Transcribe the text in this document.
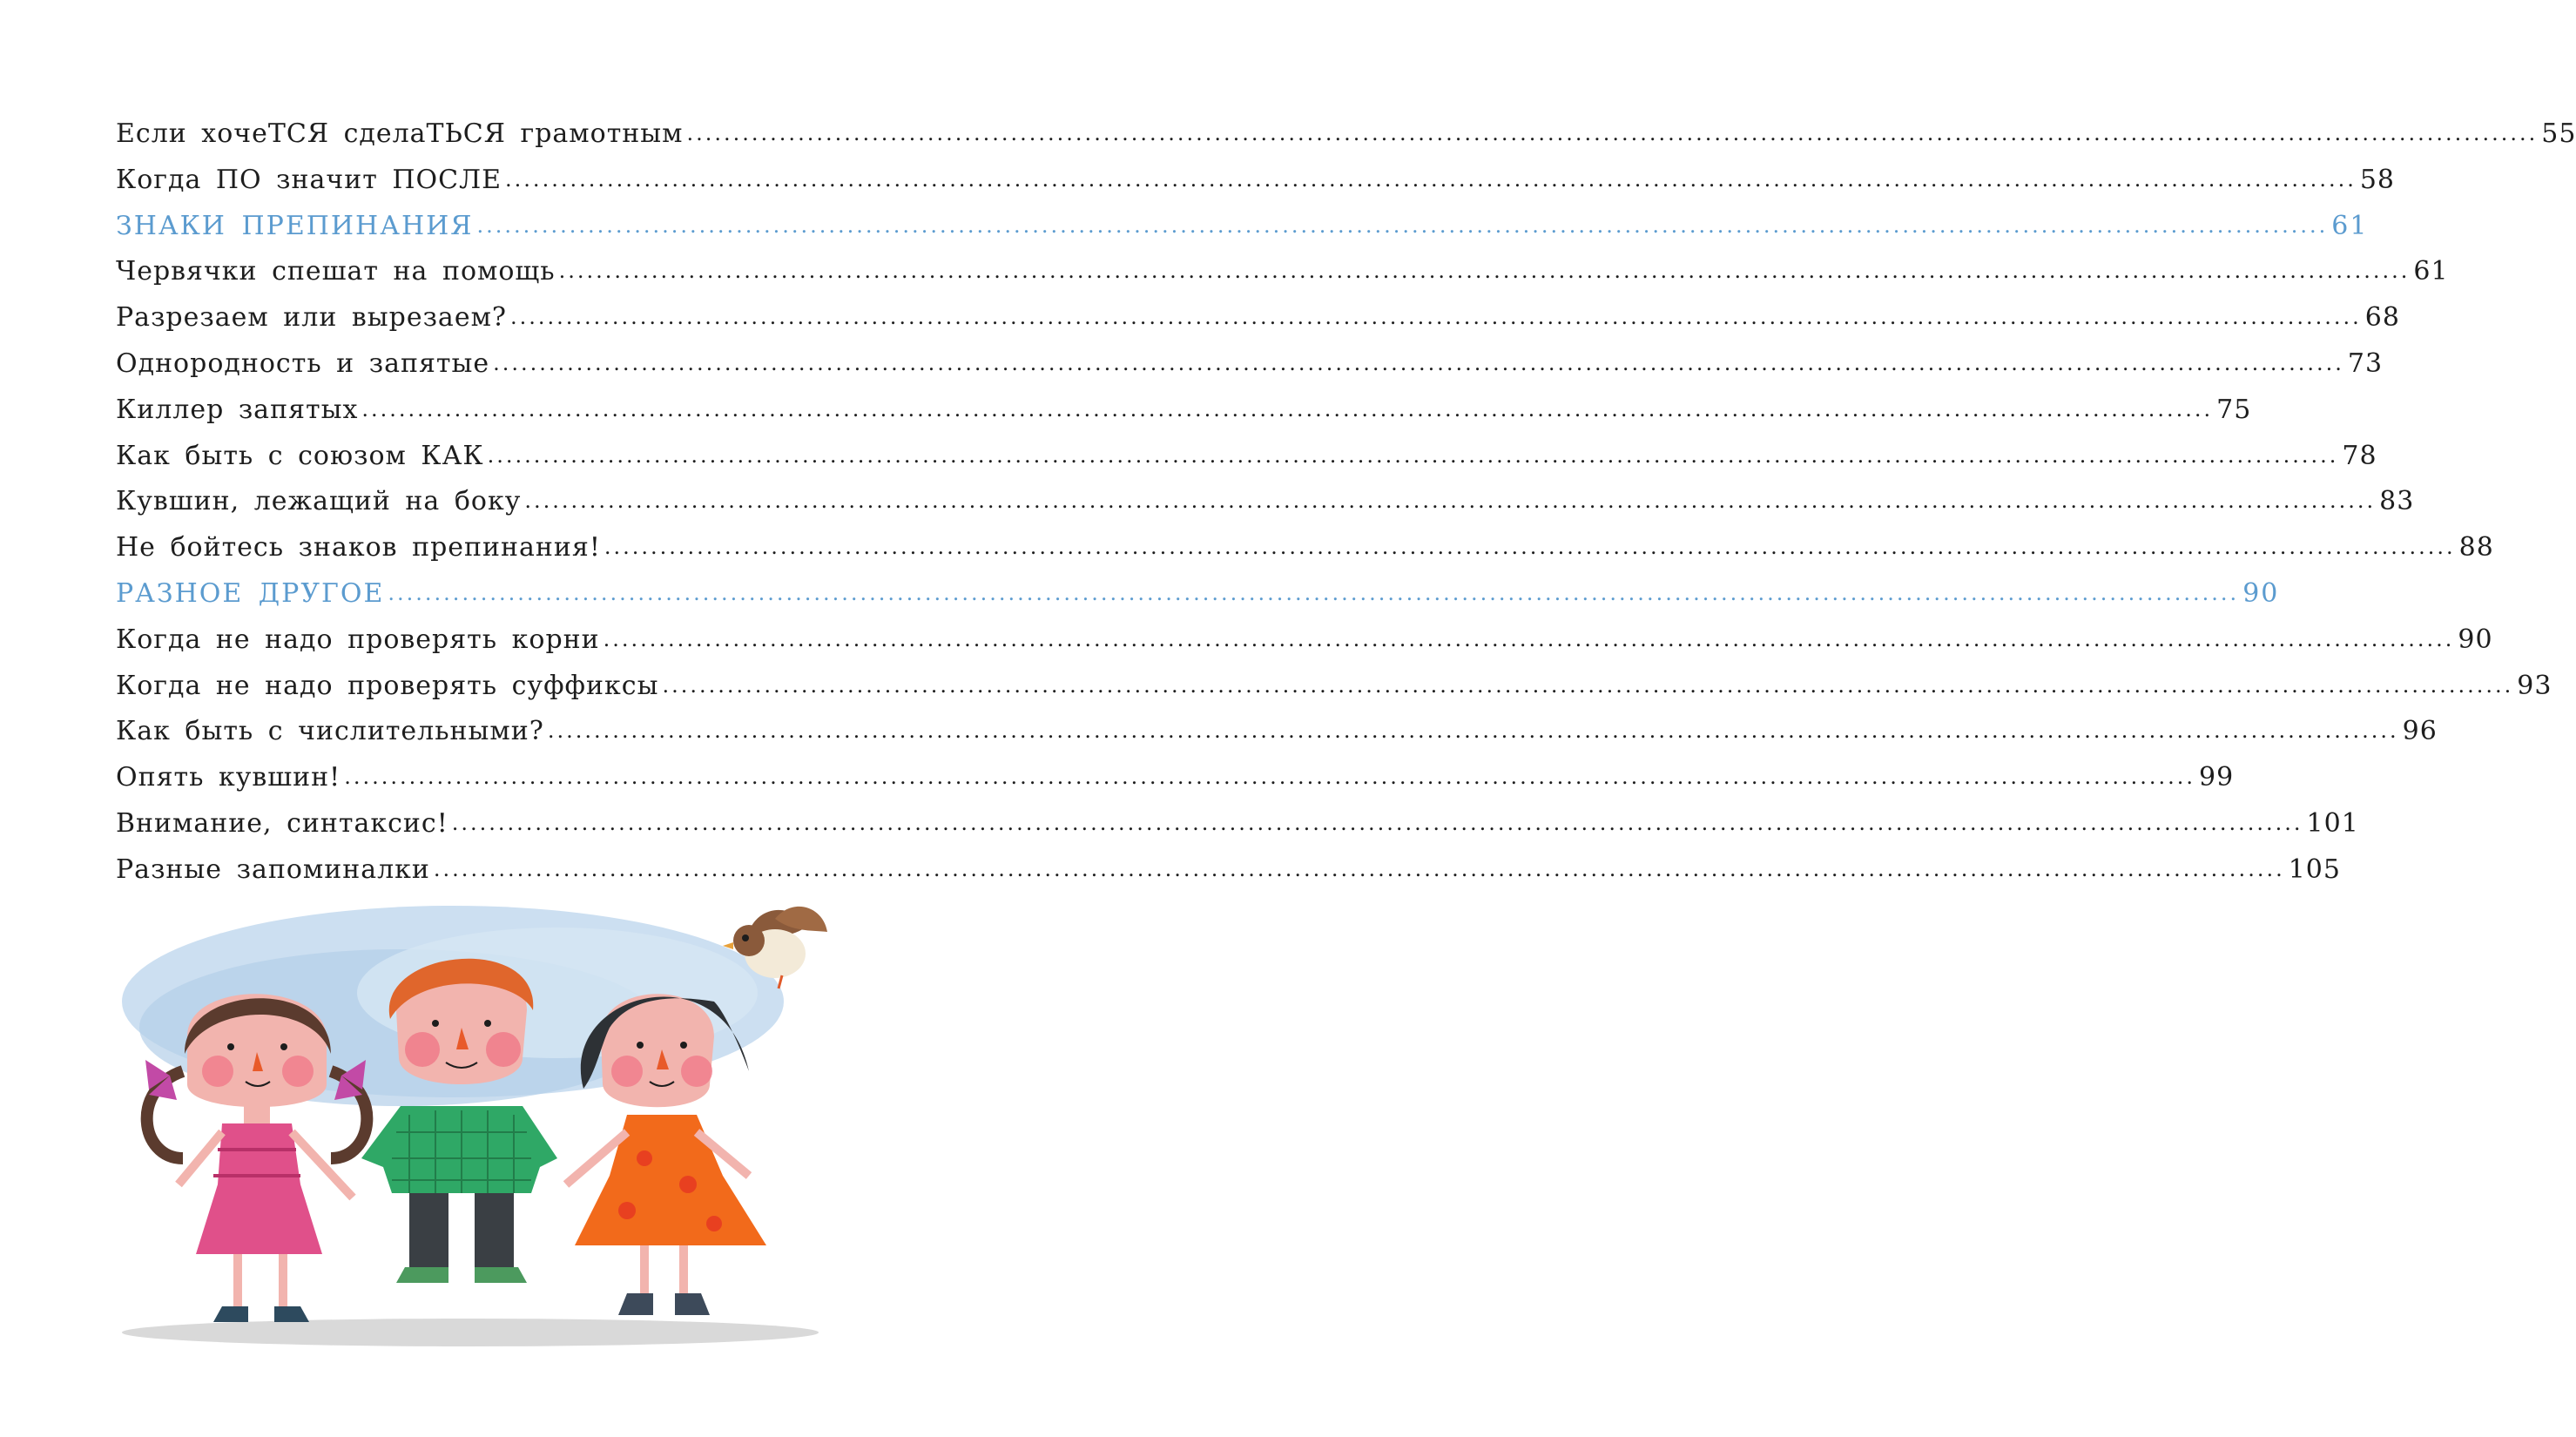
Если хочеТСЯ сделаТЬСЯ грамотным ........................................................................................................................................................................................................ 55
Когда ПО значит ПОСЛЕ ........................................................................................................................................................................................................ 58
ЗНАКИ ПРЕПИНАНИЯ ........................................................................................................................................................................................................ 61
Червячки спешат на помощь ........................................................................................................................................................................................................ 61
Разрезаем или вырезаем? ........................................................................................................................................................................................................ 68
Однородность и запятые ........................................................................................................................................................................................................ 73
Киллер запятых ........................................................................................................................................................................................................ 75
Как быть с союзом КАК ........................................................................................................................................................................................................ 78
Кувшин, лежащий на боку ........................................................................................................................................................................................................ 83
Не бойтесь знаков препинания! ........................................................................................................................................................................................................ 88
РАЗНОЕ ДРУГОЕ ........................................................................................................................................................................................................ 90
Когда не надо проверять корни ........................................................................................................................................................................................................ 90
Когда не надо проверять суффиксы ........................................................................................................................................................................................................ 93
Как быть с числительными? ........................................................................................................................................................................................................ 96
Опять кувшин! ........................................................................................................................................................................................................ 99
Внимание, синтаксис! ........................................................................................................................................................................................................ 101
Разные запоминалки ........................................................................................................................................................................................................ 105
